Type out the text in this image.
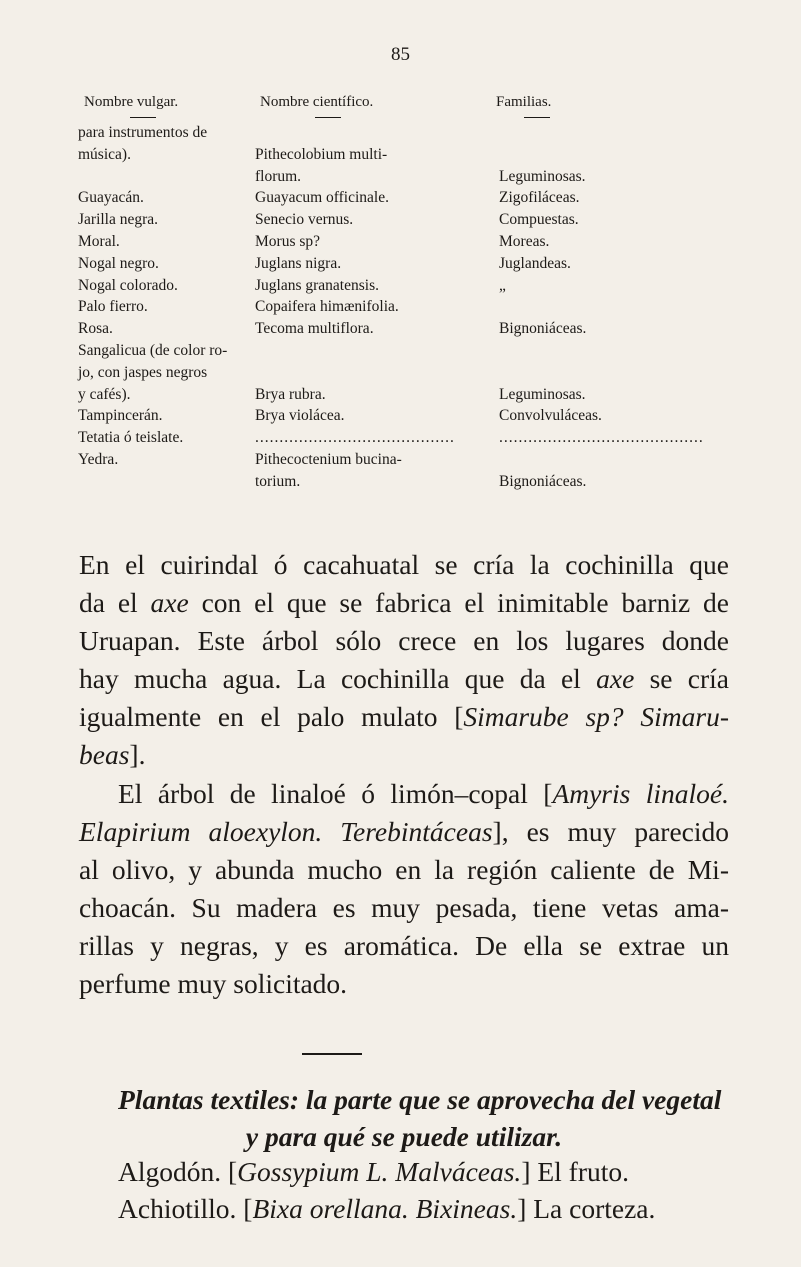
85
Nombre vulgar.	Nombre científico.	Familias.
para instrumentos de
música).	Pithecolobium multi-
florum.	Leguminosas.
Guayacán.	Guayacum officinale.	Zigofiláceas.
Jarilla negra.	Senecio vernus.	Compuestas.
Moral.	Morus sp?	Moreas.
Nogal negro.	Juglans nigra.	Juglandeas.
Nogal colorado.	Juglans granatensis.	„
Palo fierro.	Copaifera himænifolia.
Rosa.	Tecoma multiflora.	Bignoniáceas.
Sangalicua (de color ro-
jo, con jaspes negros
y cafés).	Brya rubra.	Leguminosas.
Tampincerán.	Brya violácea.	Convolvuláceas.
Tetatia ó teislate.	.........................................	..........................................
Yedra.	Pithecoctenium bucina-
torium.	Bignoniáceas.

En el cuirindal ó cacahuatal se cría la cochinilla que

da el axe con el que se fabrica el inimitable barniz de

Uruapan. Este árbol sólo crece en los lugares donde

hay mucha agua. La cochinilla que da el axe se cría

igualmente en el palo mulato [Simarube sp? Simaru-

beas].

El árbol de linaloé ó limón–copal [Amyris linaloé.

Elapirium aloexylon. Terebintáceas], es muy parecido

al olivo, y abunda mucho en la región caliente de Mi-

choacán. Su madera es muy pesada, tiene vetas ama-

rillas y negras, y es aromática. De ella se extrae un

perfume muy solicitado.

Plantas textiles: la parte que se aprovecha del vegetal
y para qué se puede utilizar.
Algodón. [Gossypium L. Malváceas.] El fruto.
Achiotillo. [Bixa orellana. Bixineas.] La corteza.
